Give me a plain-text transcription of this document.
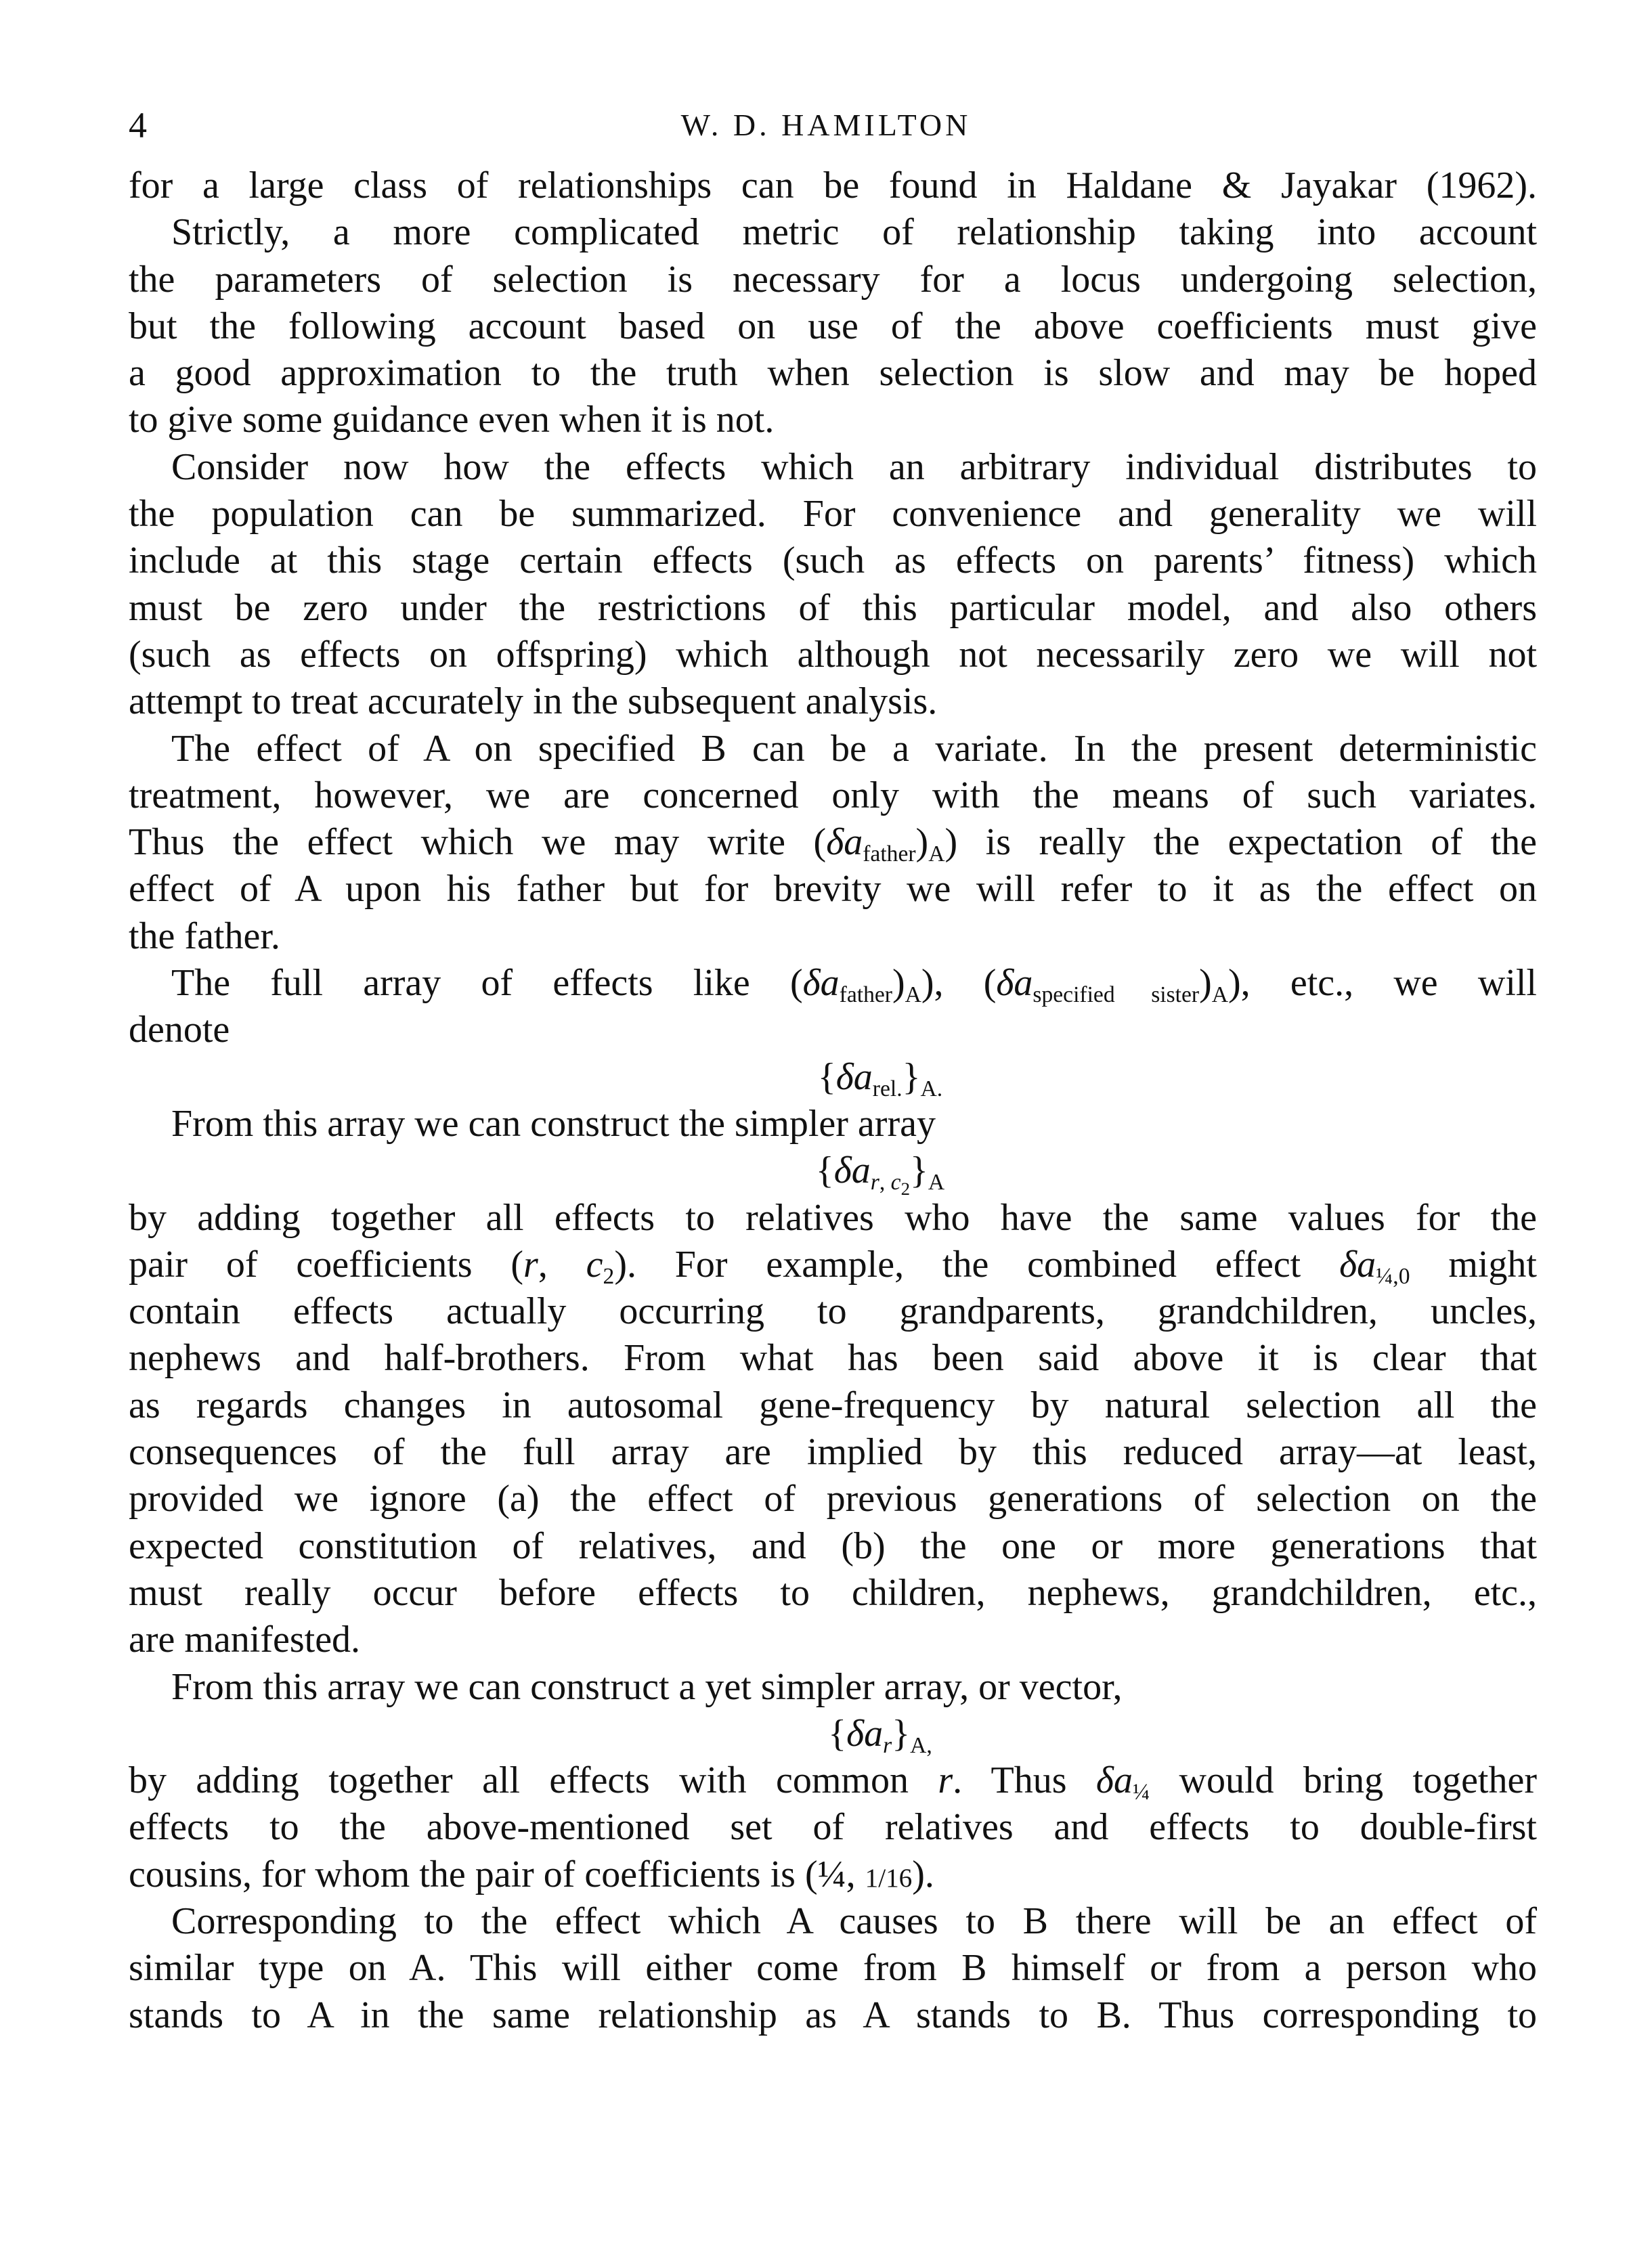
4	W. D. HAMILTON
for a large class of relationships can be found in Haldane & Jayakar (1962).
Strictly, a more complicated metric of relationship taking into account
the parameters of selection is necessary for a locus undergoing selection,
but the following account based on use of the above coefficients must give
a good approximation to the truth when selection is slow and may be hoped
to give some guidance even when it is not.
Consider now how the effects which an arbitrary individual distributes to
the population can be summarized. For convenience and generality we will
include at this stage certain effects (such as effects on parents’ fitness) which
must be zero under the restrictions of this particular model, and also others
(such as effects on offspring) which although not necessarily zero we will not
attempt to treat accurately in the subsequent analysis.
The effect of A on specified B can be a variate. In the present deterministic
treatment, however, we are concerned only with the means of such variates.
Thus the effect which we may write $(\delta a_{father})_A$) is really the expectation of the
effect of A upon his father but for brevity we will refer to it as the effect on
the father.
The full array of effects like $(\delta a_{father})_A$), $(\delta a_{specified sister})_A$), etc., we will
denote
$\{\delta a_{rel.}\}_{A.}$
From this array we can construct the simpler array
$\{\delta a_{r, c_2}\}_A$
by adding together all effects to relatives who have the same values for the
pair of coefficients (r, $c_2$). For example, the combined effect $\delta a_{\frac{1}{4},0}$ might
contain effects actually occurring to grandparents, grandchildren, uncles,
nephews and half-brothers. From what has been said above it is clear that
as regards changes in autosomal gene-frequency by natural selection all the
consequences of the full array are implied by this reduced array—at least,
provided we ignore (a) the effect of previous generations of selection on the
expected constitution of relatives, and (b) the one or more generations that
must really occur before effects to children, nephews, grandchildren, etc.,
are manifested.
From this array we can construct a yet simpler array, or vector,
$\{\delta a_r\}_{A,}$
by adding together all effects with common r. Thus $\delta a_{\frac{1}{4}}$ would bring together
effects to the above-mentioned set of relatives and effects to double-first
cousins, for whom the pair of coefficients is (¼, 1/16).
Corresponding to the effect which A causes to B there will be an effect of
similar type on A. This will either come from B himself or from a person who
stands to A in the same relationship as A stands to B. Thus corresponding to
